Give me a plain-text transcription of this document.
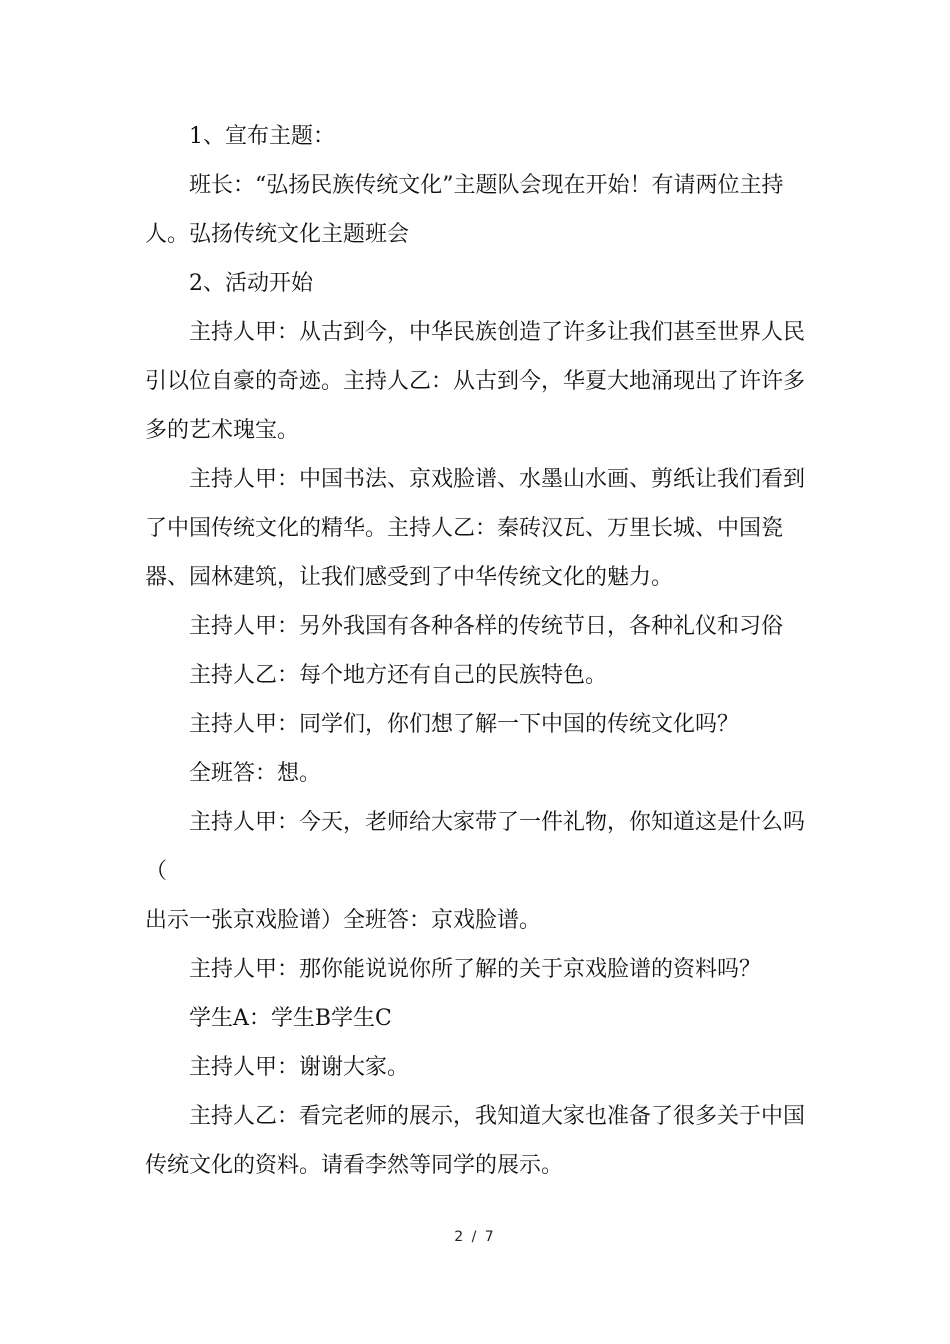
1、宣布主题：

班长：“弘扬民族传统文化”主题队会现在开始！有请两位主持人。弘扬传统文化主题班会

2、活动开始

主持人甲：从古到今，中华民族创造了许多让我们甚至世界人民引以位自豪的奇迹。主持人乙：从古到今，华夏大地涌现出了许许多多的艺术瑰宝。

主持人甲：中国书法、京戏脸谱、水墨山水画、剪纸让我们看到了中国传统文化的精华。主持人乙：秦砖汉瓦、万里长城、中国瓷器、园林建筑，让我们感受到了中华传统文化的魅力。

主持人甲：另外我国有各种各样的传统节日，各种礼仪和习俗

主持人乙：每个地方还有自己的民族特色。

主持人甲：同学们，你们想了解一下中国的传统文化吗？

全班答：想。

主持人甲：今天，老师给大家带了一件礼物，你知道这是什么吗（

出示一张京戏脸谱）全班答：京戏脸谱。

主持人甲：那你能说说你所了解的关于京戏脸谱的资料吗？

学生A：学生B学生C

主持人甲：谢谢大家。

主持人乙：看完老师的展示，我知道大家也准备了很多关于中国传统文化的资料。请看李然等同学的展示。

2 / 7
